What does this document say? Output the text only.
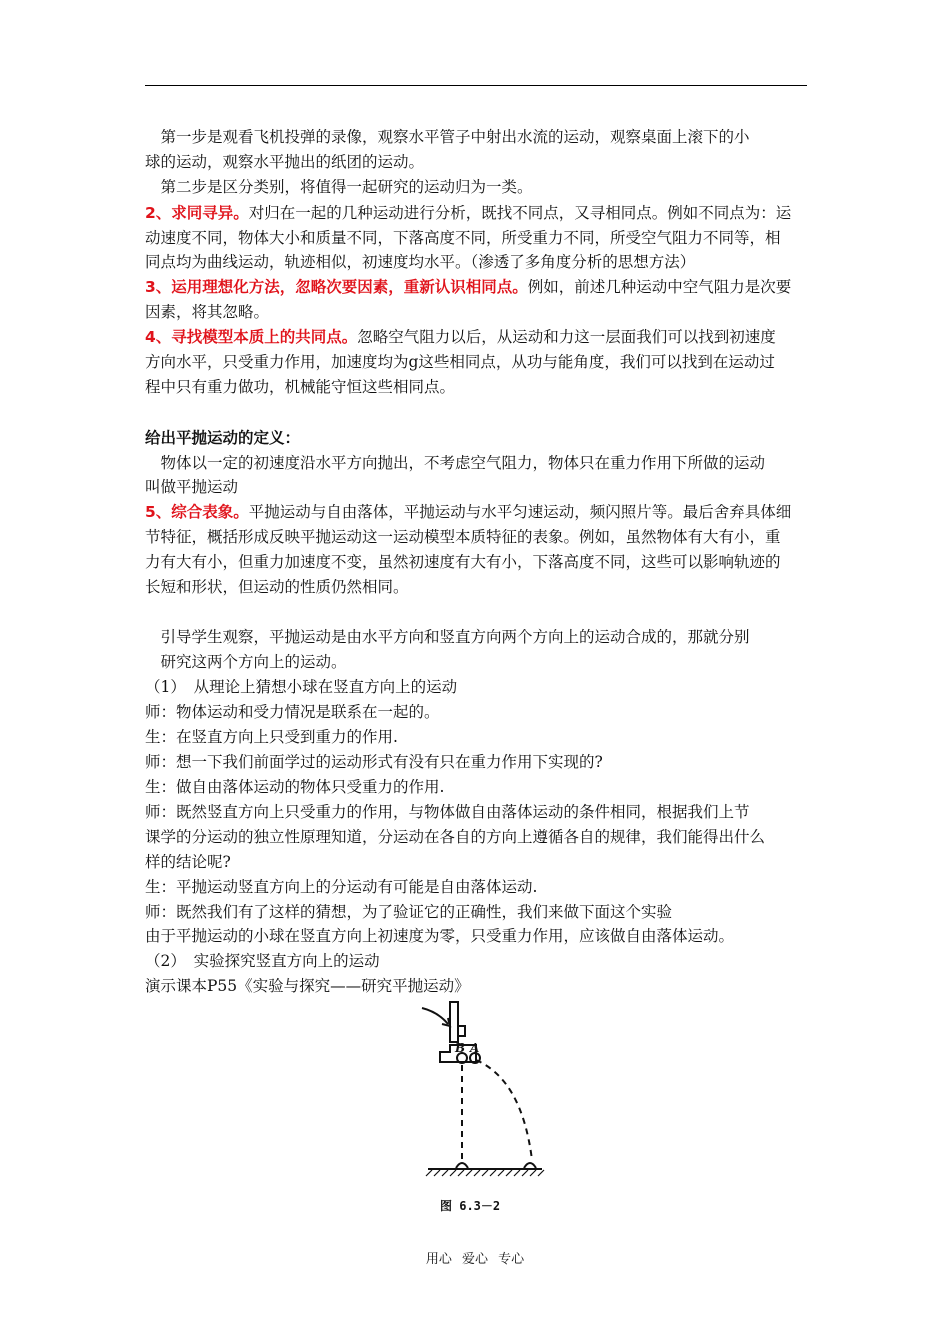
　第一步是观看飞机投弹的录像，观察水平管子中射出水流的运动，观察桌面上滚下的小
球的运动，观察水平抛出的纸团的运动。
　第二步是区分类别，将值得一起研究的运动归为一类。
2、求同寻异。对归在一起的几种运动进行分析，既找不同点，又寻相同点。例如不同点为：运
动速度不同，物体大小和质量不同，下落高度不同，所受重力不同，所受空气阻力不同等，相
同点均为曲线运动，轨迹相似，初速度均水平。（渗透了多角度分析的思想方法）
3、运用理想化方法，忽略次要因素，重新认识相同点。例如，前述几种运动中空气阻力是次要
因素，将其忽略。
4、寻找模型本质上的共同点。忽略空气阻力以后，从运动和力这一层面我们可以找到初速度
方向水平，只受重力作用，加速度均为g这些相同点，从功与能角度，我们可以找到在运动过
程中只有重力做功，机械能守恒这些相同点。
给出平抛运动的定义：
　物体以一定的初速度沿水平方向抛出，不考虑空气阻力，物体只在重力作用下所做的运动
叫做平抛运动
5、综合表象。平抛运动与自由落体，平抛运动与水平匀速运动，频闪照片等。最后舍弃具体细
节特征，概括形成反映平抛运动这一运动模型本质特征的表象。例如，虽然物体有大有小，重
力有大有小，但重力加速度不变，虽然初速度有大有小，下落高度不同，这些可以影响轨迹的
长短和形状，但运动的性质仍然相同。
　引导学生观察，平抛运动是由水平方向和竖直方向两个方向上的运动合成的，那就分别
　研究这两个方向上的运动。
（1）　从理论上猜想小球在竖直方向上的运动
师：物体运动和受力情况是联系在一起的。
生：在竖直方向上只受到重力的作用.
师：想一下我们前面学过的运动形式有没有只在重力作用下实现的?
生：做自由落体运动的物体只受重力的作用.
师：既然竖直方向上只受重力的作用，与物体做自由落体运动的条件相同，根据我们上节
课学的分运动的独立性原理知道，分运动在各自的方向上遵循各自的规律，我们能得出什么
样的结论呢?
生：平抛运动竖直方向上的分运动有可能是自由落体运动.
师：既然我们有了这样的猜想，为了验证它的正确性，我们来做下面这个实验
由于平抛运动的小球在竖直方向上初速度为零，只受重力作用，应该做自由落体运动。
（2）　实验探究竖直方向上的运动
演示课本P55《实验与探究——研究平抛运动》
B A
图 6.3－2
用心 爱心 专心
